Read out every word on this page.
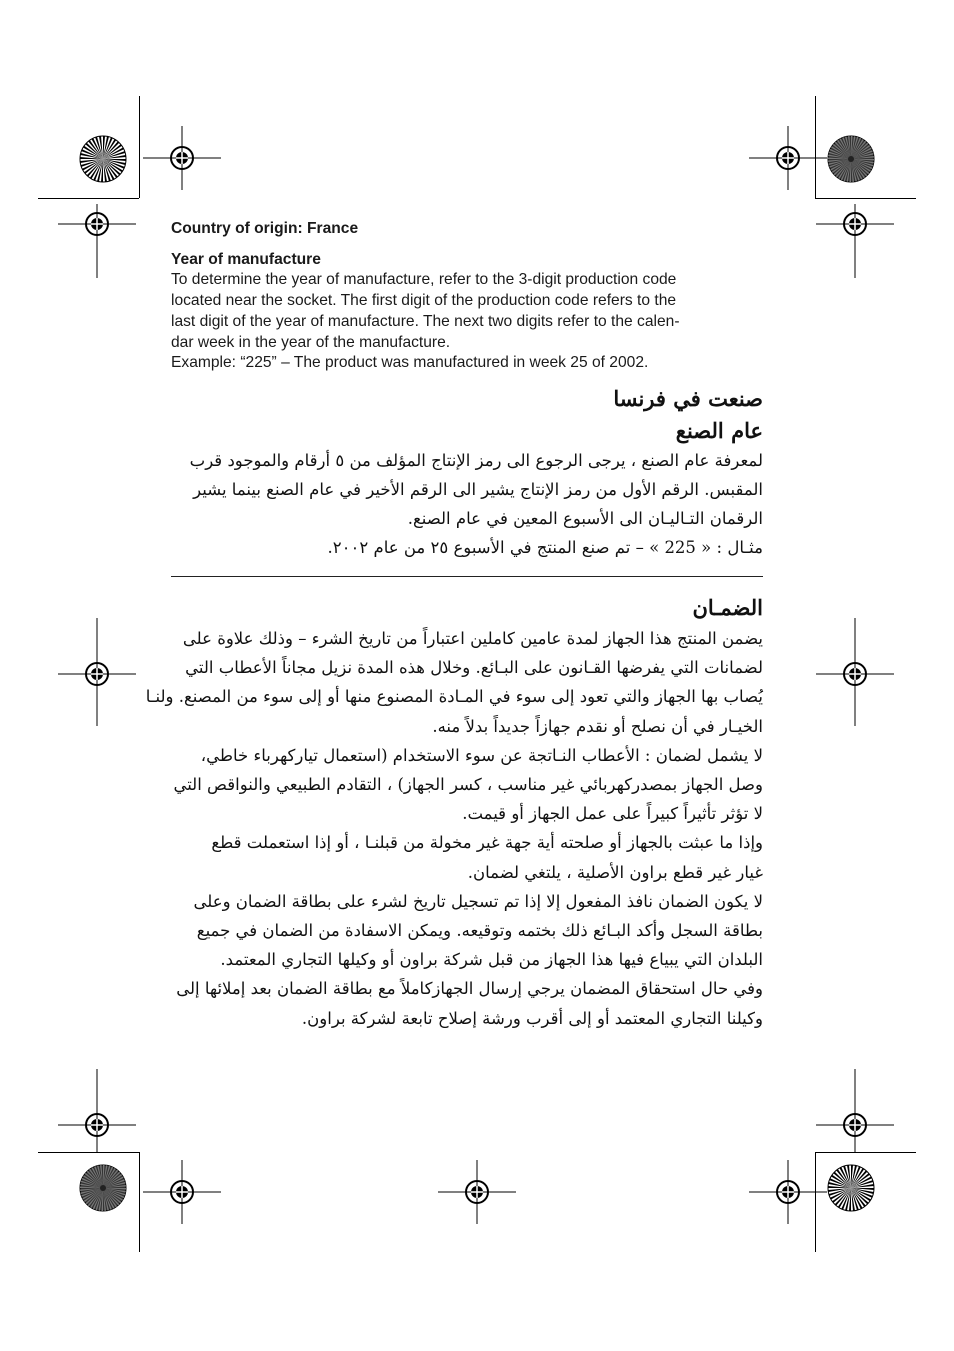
Country of origin: France
Year of manufacture
To determine the year of manufacture, refer to the 3-digit production code
located near the socket. The first digit of the production code refers to the
last digit of the year of manufacture. The next two digits refer to the calen-
dar week in the year of the manufacture.
Example: “225” – The product was manufactured in week 25 of 2002.
صنعت في فرنسا
عام الصنع
لمعرفة عام الصنع ، يرجى الرجوع الى رمز الإنتاج المؤلف من ٥ أرقام والموجود قرب
المقبس. الرقم الأول من رمز الإنتاج يشير الى الرقم الأخير في عام الصنع بينما يشير
الرقمان التـاليـان الى الأسبوع المعين في عام الصنع.
مثـال : « 225 » – تم صنع المنتج في الأسبوع ٢٥ من عام ٢٠٠٢.
الضمـان
يضمن المنتج هذا الجهاز لمدة عامين كاملين اعتباراً من تاريخ الشرء – وذلك علاوة على
لضمانات التي يفرضها القـانون على البـائع. وخلال هذه المدة نزيل مجاناً الأعطاب التي
يُصاب بها الجهاز والتي تعود إلى سوء في المـادة المصنوع منها أو إلى سوء من المصنع. ولنـا
الخيـار في أن نصلح أو نقدم جهازاً جديداً بدلاً منه.
لا يشمل لضمان : الأعطاب النـاتجة عن سوء الاستخدام (استعمال تياركهرباء خاطي،
وصل الجهاز بمصدركهربائي غير مناسب ، كسر الجهاز) ، التقادم الطبيعي والنواقص التي
لا تؤثر تأثيراً كبيراً على عمل الجهاز أو قيمت.
وإذا ما عبثت بالجهاز أو صلحته أية جهة غير مخولة من قبلنـا ، أو إذا استعملت قطع
غيار غير قطع براون الأصلية ، يلتغي لضمان.
لا يكون الضمان نافذ المفعول إلا إذا تم تسجيل تاريخ لشرء على بطاقة الضمان وعلى
بطاقة السجل وأكد البـائع ذلك بختمه وتوقيعه. ويمكن الاسفادة من الضمان في جميع
البلدان التي يبياع فيها هذا الجهاز من قبل شركة براون أو وكيلها التجاري المعتمد.
وفي حال استحقاق المضمان يرجي إرسال الجهازكاملاً مع بطاقة الضمان بعد إملائها إلى
وكيلنا التجاري المعتمد أو إلى أقرب ورشة إصلاح تابعة لشركة براون.
